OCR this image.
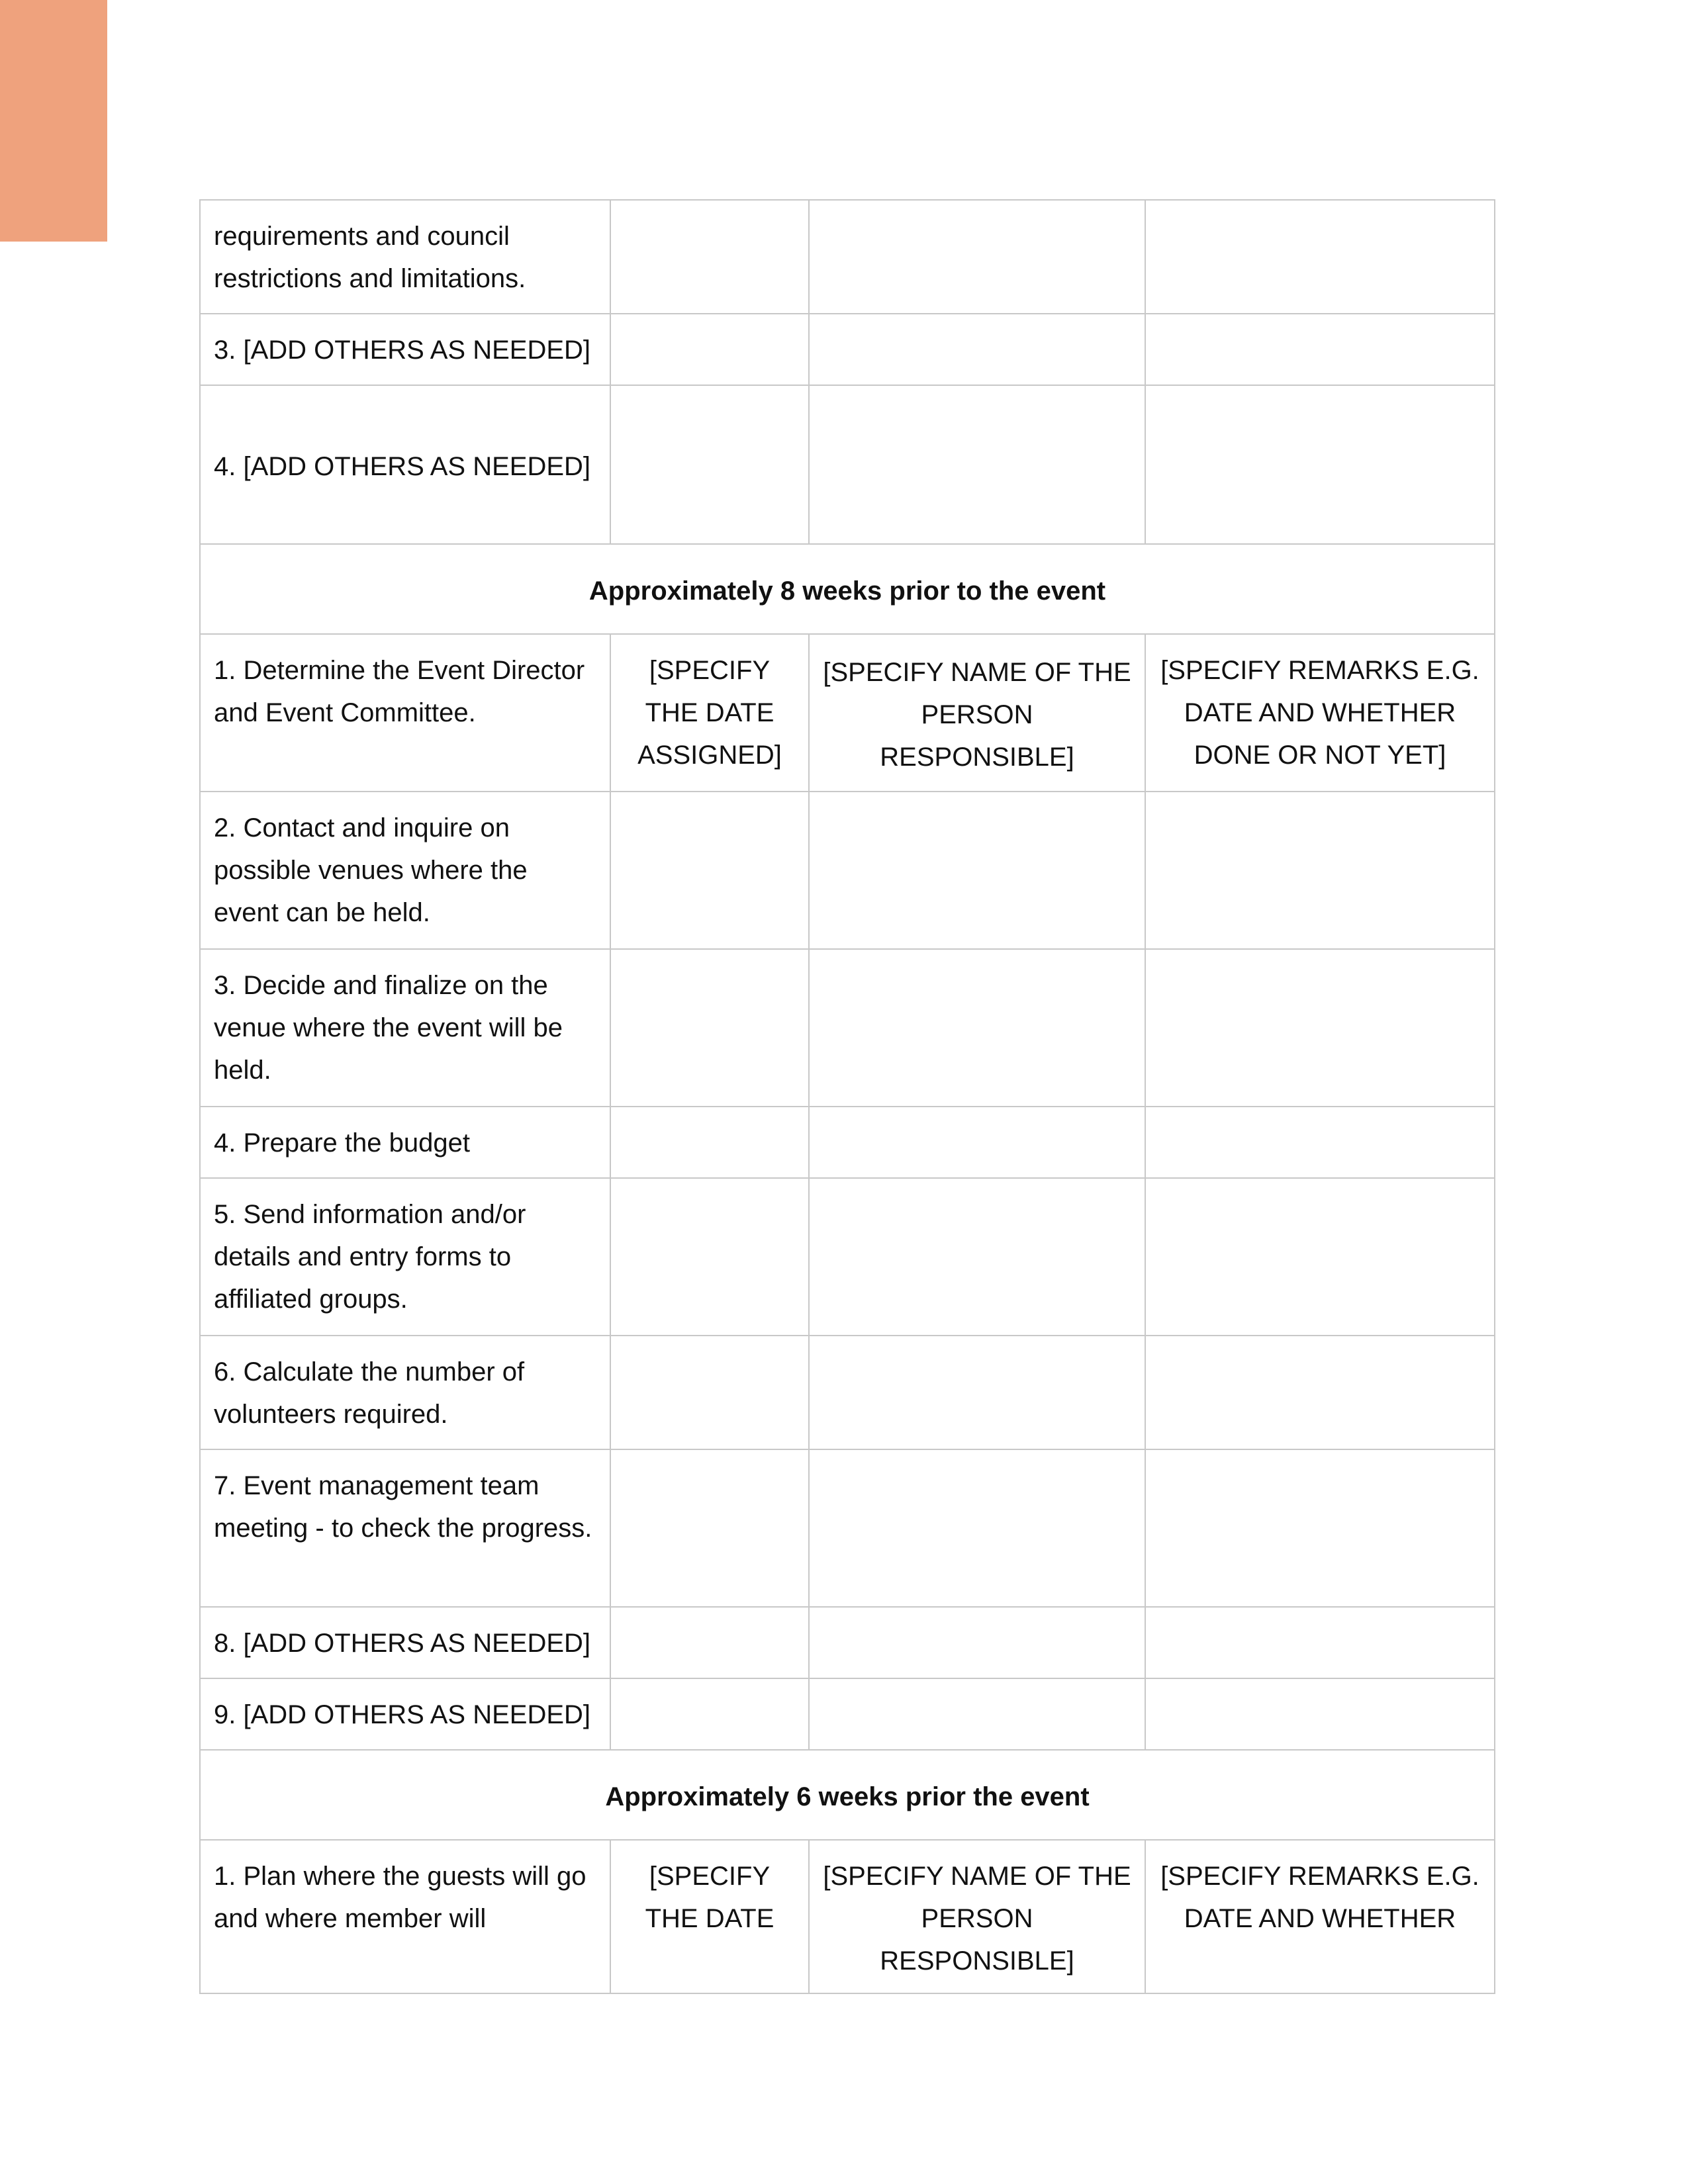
requirements and council restrictions and limitations.			
3. [ADD OTHERS AS NEEDED]			
4. [ADD OTHERS AS NEEDED]			
Approximately 8 weeks prior to the event			
1. Determine the Event Director and Event Committee.	[SPECIFY THE DATE ASSIGNED]	[SPECIFY NAME OF THE PERSON RESPONSIBLE]	[SPECIFY REMARKS E.G. DATE AND WHETHER DONE OR NOT YET]
2. Contact and inquire on possible venues where the event can be held.			
3. Decide and finalize on the venue where the event will be held.			
4. Prepare the budget			
5. Send information and/or details and entry forms to affiliated groups.			
6. Calculate the number of volunteers required.			
7. Event management team meeting - to check the progress.			
8. [ADD OTHERS AS NEEDED]			
9. [ADD OTHERS AS NEEDED]			
Approximately 6 weeks prior the event			
1. Plan where the guests will go and where member will	[SPECIFY THE DATE	[SPECIFY NAME OF THE PERSON RESPONSIBLE]	[SPECIFY REMARKS E.G. DATE AND WHETHER
